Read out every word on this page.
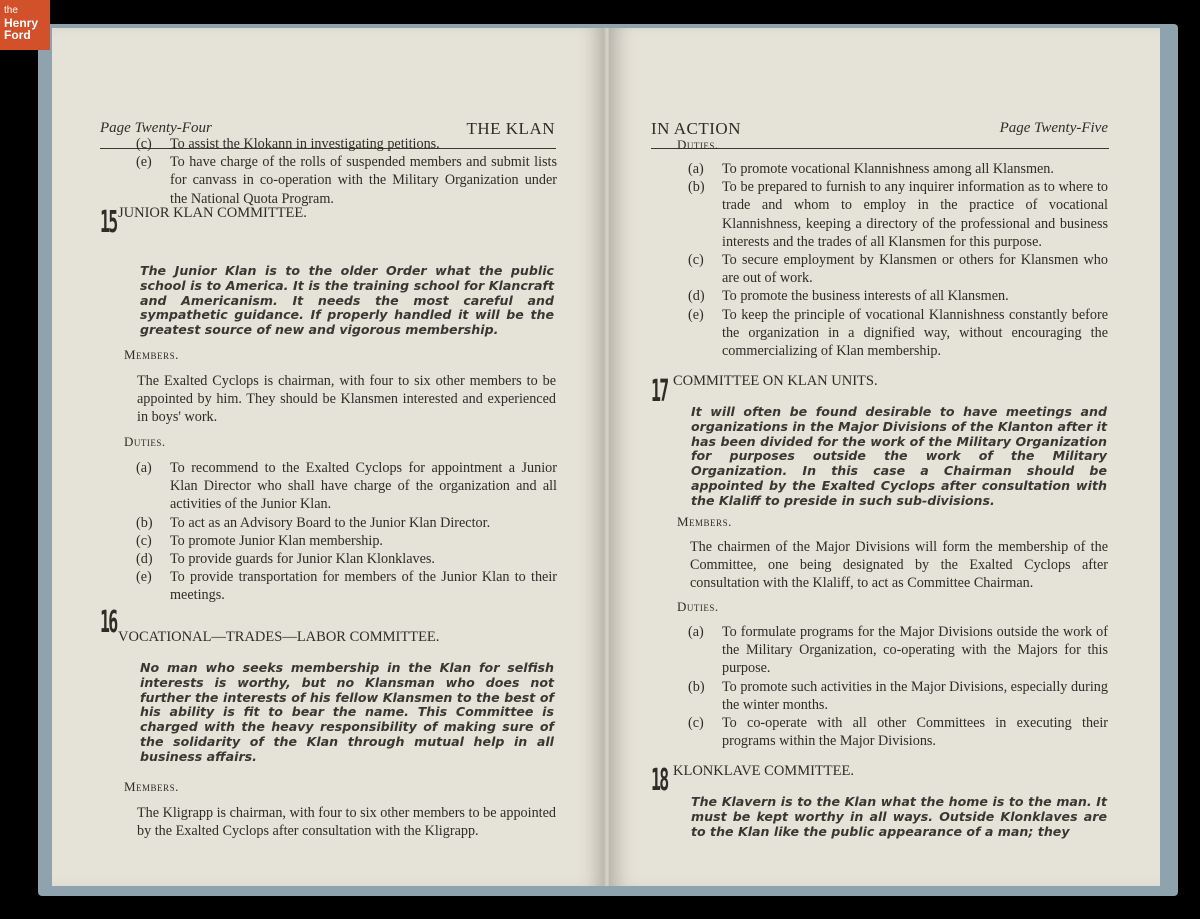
Page Twenty-Four	THE KLAN
(c)	To assist the Klokann in investigating petitions.
(e)	To have charge of the rolls of suspended members and submit lists for canvass in co-operation with the Military Organization under the National Quota Program.
15 JUNIOR KLAN COMMITTEE.
The Junior Klan is to the older Order what the public school is to America. It is the training school for Klancraft and Americanism. It needs the most careful and sympathetic guidance. If properly handled it will be the greatest source of new and vigorous membership.
Members.
The Exalted Cyclops is chairman, with four to six other members to be appointed by him. They should be Klansmen interested and experienced in boys' work.
Duties.
(a)	To recommend to the Exalted Cyclops for appointment a Junior Klan Director who shall have charge of the organization and all activities of the Junior Klan.
(b)	To act as an Advisory Board to the Junior Klan Director.
(c)	To promote Junior Klan membership.
(d)	To provide guards for Junior Klan Klonklaves.
(e)	To provide transportation for members of the Junior Klan to their meetings.
16 VOCATIONAL—TRADES—LABOR COMMITTEE.
No man who seeks membership in the Klan for selfish interests is worthy, but no Klansman who does not further the interests of his fellow Klansmen to the best of his ability is fit to bear the name. This Committee is charged with the heavy responsibility of making sure of the solidarity of the Klan through mutual help in all business affairs.
Members.
The Kligrapp is chairman, with four to six other members to be appointed by the Exalted Cyclops after consultation with the Kligrapp.
IN ACTION	Page Twenty-Five
Duties.
(a)	To promote vocational Klannishness among all Klansmen.
(b)	To be prepared to furnish to any inquirer information as to where to trade and whom to employ in the practice of vocational Klannishness, keeping a directory of the professional and business interests and the trades of all Klansmen for this purpose.
(c)	To secure employment by Klansmen or others for Klansmen who are out of work.
(d)	To promote the business interests of all Klansmen.
(e)	To keep the principle of vocational Klannishness constantly before the organization in a dignified way, without encouraging the commercializing of Klan membership.
17 COMMITTEE ON KLAN UNITS.
It will often be found desirable to have meetings and organizations in the Major Divisions of the Klanton after it has been divided for the work of the Military Organization for purposes outside the work of the Military Organization. In this case a Chairman should be appointed by the Exalted Cyclops after consultation with the Klaliff to preside in such sub-divisions.
Members.
The chairmen of the Major Divisions will form the membership of the Committee, one being designated by the Exalted Cyclops after consultation with the Klaliff, to act as Committee Chairman.
Duties.
(a)	To formulate programs for the Major Divisions outside the work of the Military Organization, co-operating with the Majors for this purpose.
(b)	To promote such activities in the Major Divisions, especially during the winter months.
(c)	To co-operate with all other Committees in executing their programs within the Major Divisions.
18 KLONKLAVE COMMITTEE.
The Klavern is to the Klan what the home is to the man. It must be kept worthy in all ways. Outside Klonklaves are to the Klan like the public appearance of a man; they
the
Henry
Ford
